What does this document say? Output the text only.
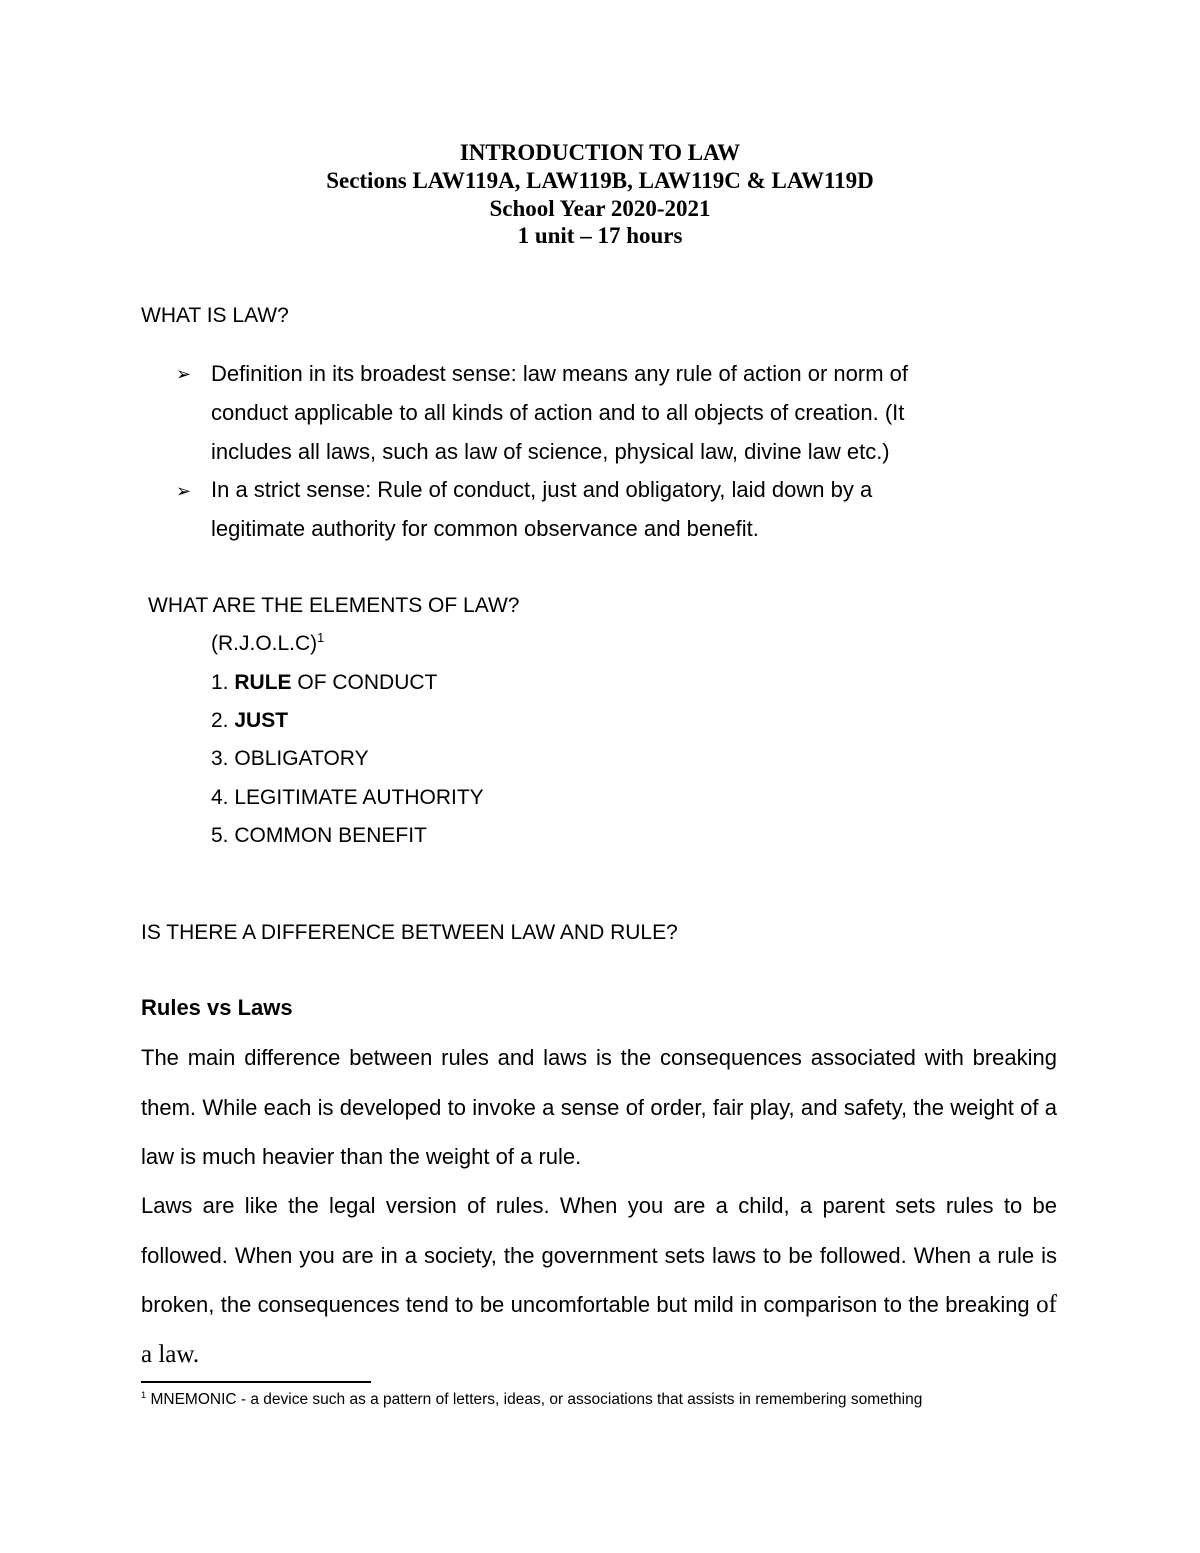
INTRODUCTION TO LAW
Sections LAW119A, LAW119B, LAW119C & LAW119D
School Year 2020-2021
1 unit – 17 hours
WHAT IS LAW?
➢ Definition in its broadest sense: law means any rule of action or norm of
conduct applicable to all kinds of action and to all objects of creation. (It
includes all laws, such as law of science, physical law, divine law etc.)
➢ In a strict sense: Rule of conduct, just and obligatory, laid down by a
legitimate authority for common observance and benefit.
WHAT ARE THE ELEMENTS OF LAW?
$(R.J.O.L.C)^1$
1. RULE OF CONDUCT
2. JUST
3. OBLIGATORY
4. LEGITIMATE AUTHORITY
5. COMMON BENEFIT
IS THERE A DIFFERENCE BETWEEN LAW AND RULE?
Rules vs Laws
The main difference between rules and laws is the consequences associated with breaking them. While each is developed to invoke a sense of order, fair play, and safety, the weight of a law is much heavier than the weight of a rule.
Laws are like the legal version of rules. When you are a child, a parent sets rules to be followed. When you are in a society, the government sets laws to be followed. When a rule is broken, the consequences tend to be uncomfortable but mild in comparison to the breaking of a law.
$^1$ MNEMONIC - a device such as a pattern of letters, ideas, or associations that assists in remembering something
